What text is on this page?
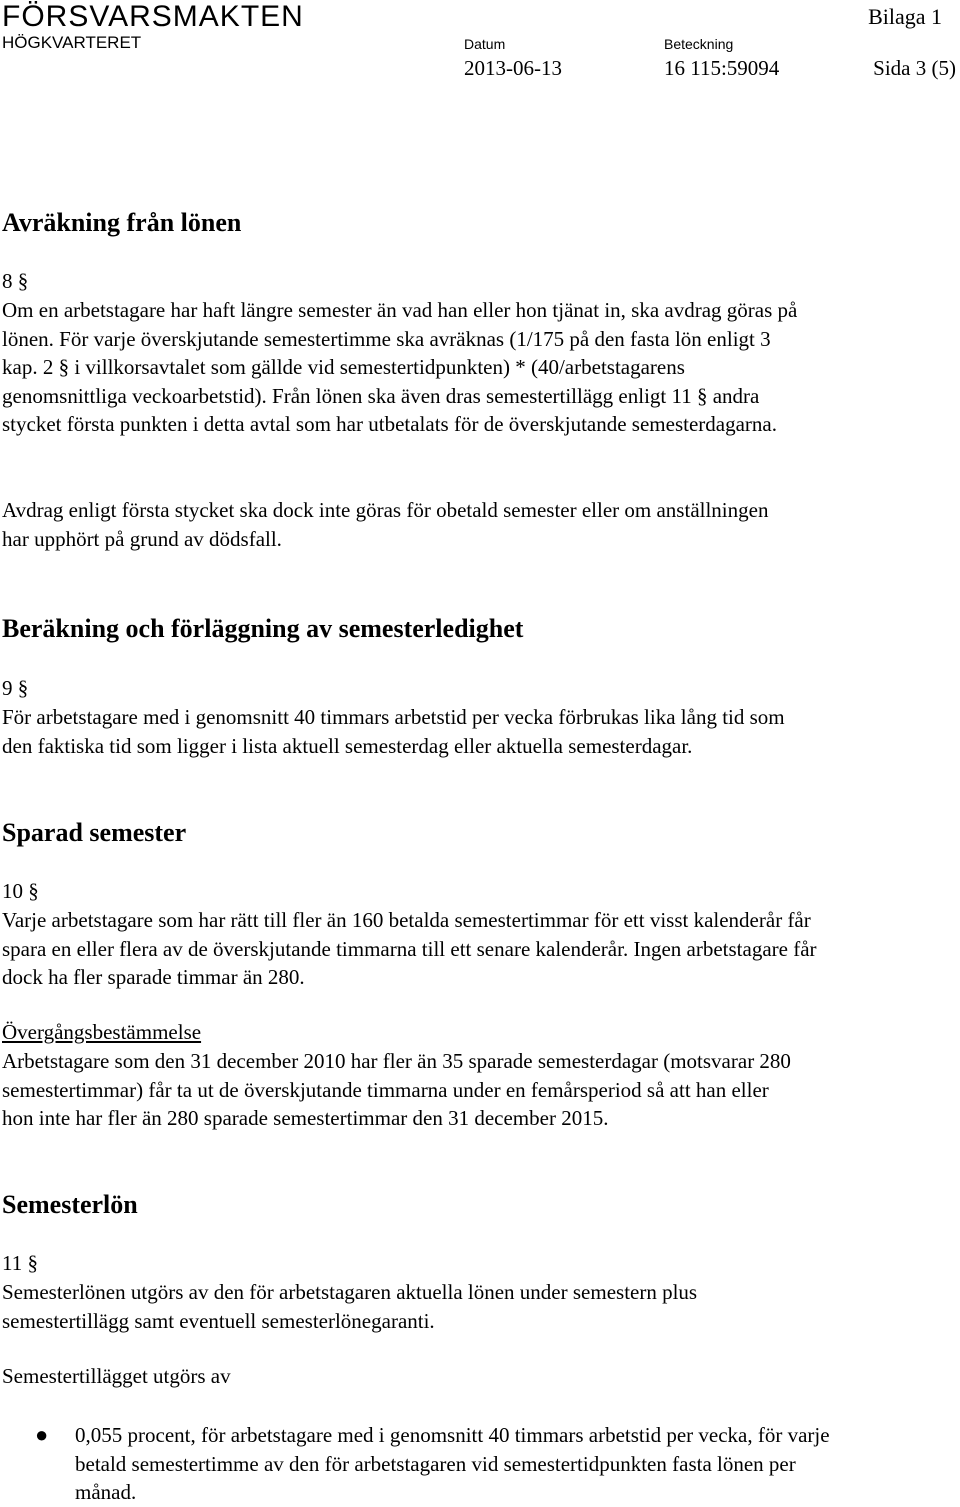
FÖRSVARSMAKTEN
HÖGKVARTERET	Datum
2013-06-13
Beteckning
16 115:59094
Bilaga 1
Sida 3 (5)
Avräkning från lönen
8 §

Om en arbetstagare har haft längre semester än vad han eller hon tjänat in, ska avdrag göras på lönen. För varje överskjutande semestertimme ska avräknas (1/175 på den fasta lön enligt 3 kap. 2 § i villkorsavtalet som gällde vid semestertidpunkten) * (40/arbetstagarens genomsnittliga veckoarbetstid). Från lönen ska även dras semestertillägg enligt 11 § andra stycket första punkten i detta avtal som har utbetalats för de överskjutande semesterdagarna.

Avdrag enligt första stycket ska dock inte göras för obetald semester eller om anställningen har upphört på grund av dödsfall.

Beräkning och förläggning av semesterledighet
9 §

För arbetstagare med i genomsnitt 40 timmars arbetstid per vecka förbrukas lika lång tid som den faktiska tid som ligger i lista aktuell semesterdag eller aktuella semesterdagar.

Sparad semester
10 §

Varje arbetstagare som har rätt till fler än 160 betalda semestertimmar för ett visst kalenderår får spara en eller flera av de överskjutande timmarna till ett senare kalenderår. Ingen arbetstagare får dock ha fler sparade timmar än 280.

Övergångsbestämmelse

Arbetstagare som den 31 december 2010 har fler än 35 sparade semesterdagar (motsvarar 280 semestertimmar) får ta ut de överskjutande timmarna under en femårsperiod så att han eller hon inte har fler än 280 sparade semestertimmar den 31 december 2015.

Semesterlön
11 §

Semesterlönen utgörs av den för arbetstagaren aktuella lönen under semestern plus semestertillägg samt eventuell semesterlönegaranti.

Semestertillägget utgörs av
● 0,055 procent, för arbetstagare med i genomsnitt 40 timmars arbetstid per vecka, för varje betald semestertimme av den för arbetstagaren vid semestertidpunkten fasta lönen per månad.
